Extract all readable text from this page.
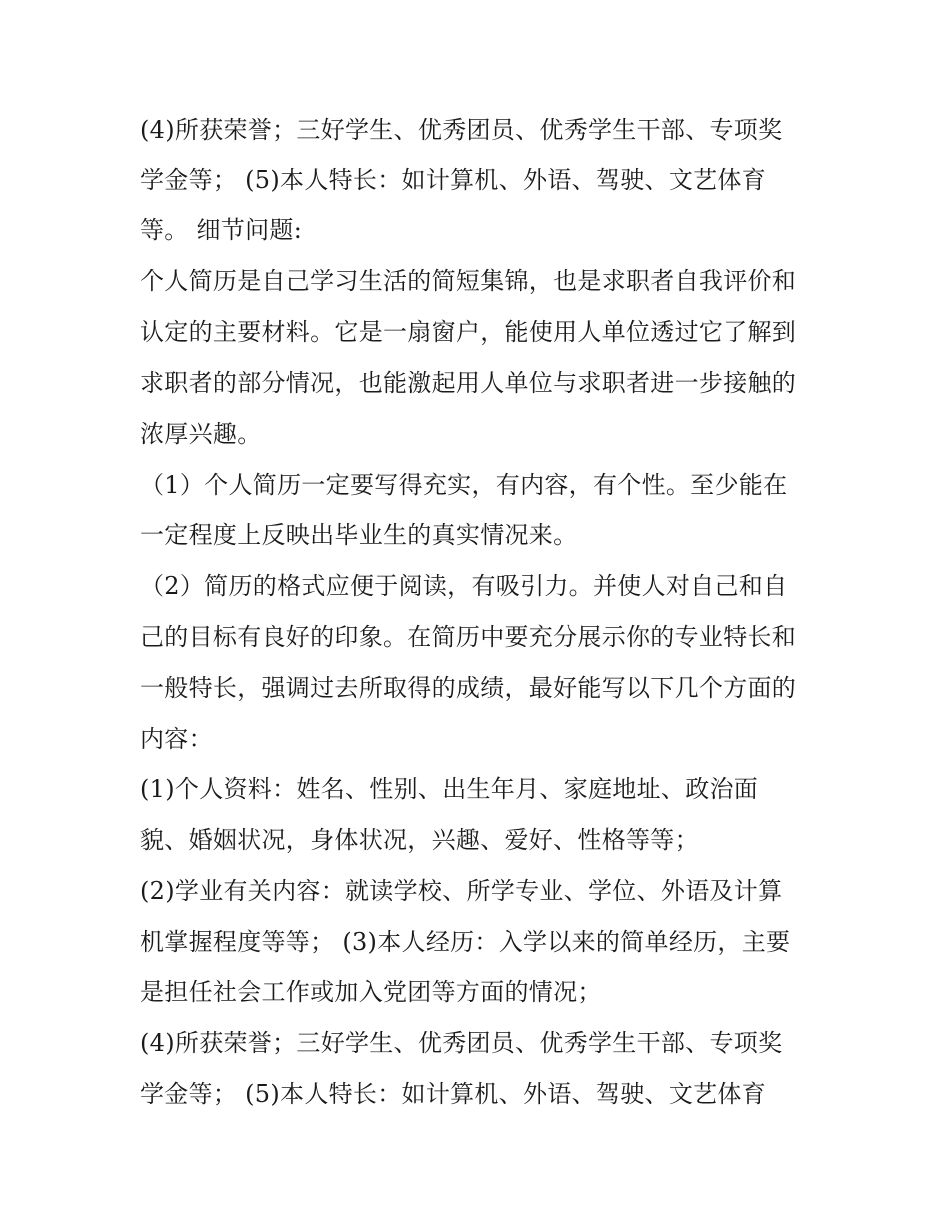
(4)所获荣誉；三好学生、优秀团员、优秀学生干部、专项奖
学金等； (5)本人特长：如计算机、外语、驾驶、文艺体育
等。 细节问题:
个人简历是自己学习生活的简短集锦，也是求职者自我评价和
认定的主要材料。它是一扇窗户，能使用人单位透过它了解到
求职者的部分情况，也能激起用人单位与求职者进一步接触的
浓厚兴趣。
（1）个人简历一定要写得充实，有内容，有个性。至少能在
一定程度上反映出毕业生的真实情况来。
（2）简历的格式应便于阅读，有吸引力。并使人对自己和自
己的目标有良好的印象。在简历中要充分展示你的专业特长和
一般特长，强调过去所取得的成绩，最好能写以下几个方面的
内容：
(1)个人资料：姓名、性别、出生年月、家庭地址、政治面
貌、婚姻状况，身体状况，兴趣、爱好、性格等等；
(2)学业有关内容：就读学校、所学专业、学位、外语及计算
机掌握程度等等； (3)本人经历：入学以来的简单经历，主要
是担任社会工作或加入党团等方面的情况；
(4)所获荣誉；三好学生、优秀团员、优秀学生干部、专项奖
学金等； (5)本人特长：如计算机、外语、驾驶、文艺体育
